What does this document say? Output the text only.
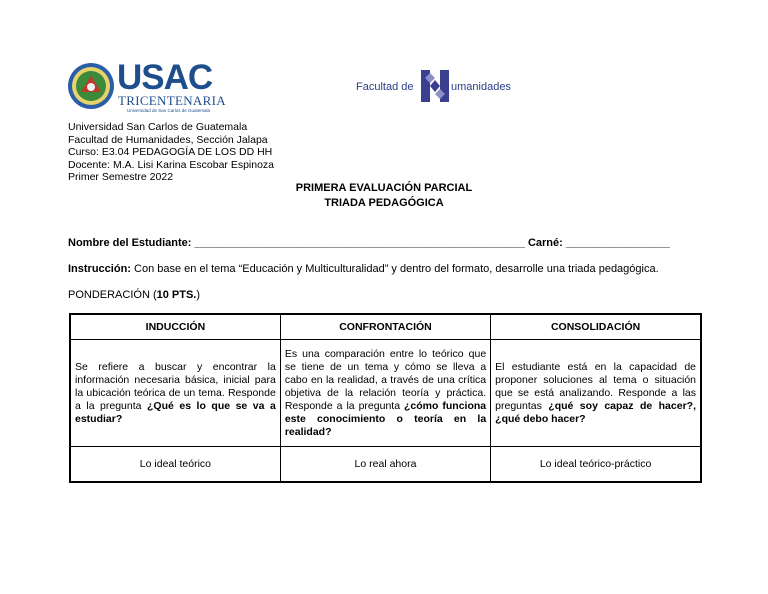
USAC
TRICENTENARIA
Universidad de San Carlos de Guatemala
Facultad de	umanidades
Universidad San Carlos de Guatemala
Facultad de Humanidades, Sección Jalapa
Curso: E3.04 PEDAGOGÍA DE LOS DD HH
Docente: M.A. Lisi Karina Escobar Espinoza
Primer Semestre 2022
PRIMERA EVALUACIÓN PARCIAL
TRIADA PEDAGÓGICA
Nombre del Estudiante: ______________________________________________________ Carné: _________________
Instrucción: Con base en el tema “Educación y Multiculturalidad” y dentro del formato, desarrolle una triada pedagógica.
PONDERACIÓN (10 PTS.)
INDUCCIÓN	CONFRONTACIÓN	CONSOLIDACIÓN
Se refiere a buscar y encontrar la información necesaria básica, inicial para la ubicación teórica de un tema. Responde a la pregunta ¿Qué es lo que se va a estudiar?	Es una comparación entre lo teórico que se tiene de un tema y cómo se lleva a cabo en la realidad, a través de una crítica objetiva de la relación teoría y práctica. Responde a la pregunta ¿cómo funciona este conocimiento o teoría en la realidad?	El estudiante está en la capacidad de proponer soluciones al tema o situación que se está analizando. Responde a las preguntas ¿qué soy capaz de hacer?, ¿qué debo hacer?
Lo ideal teórico	Lo real ahora	Lo ideal teórico-práctico
